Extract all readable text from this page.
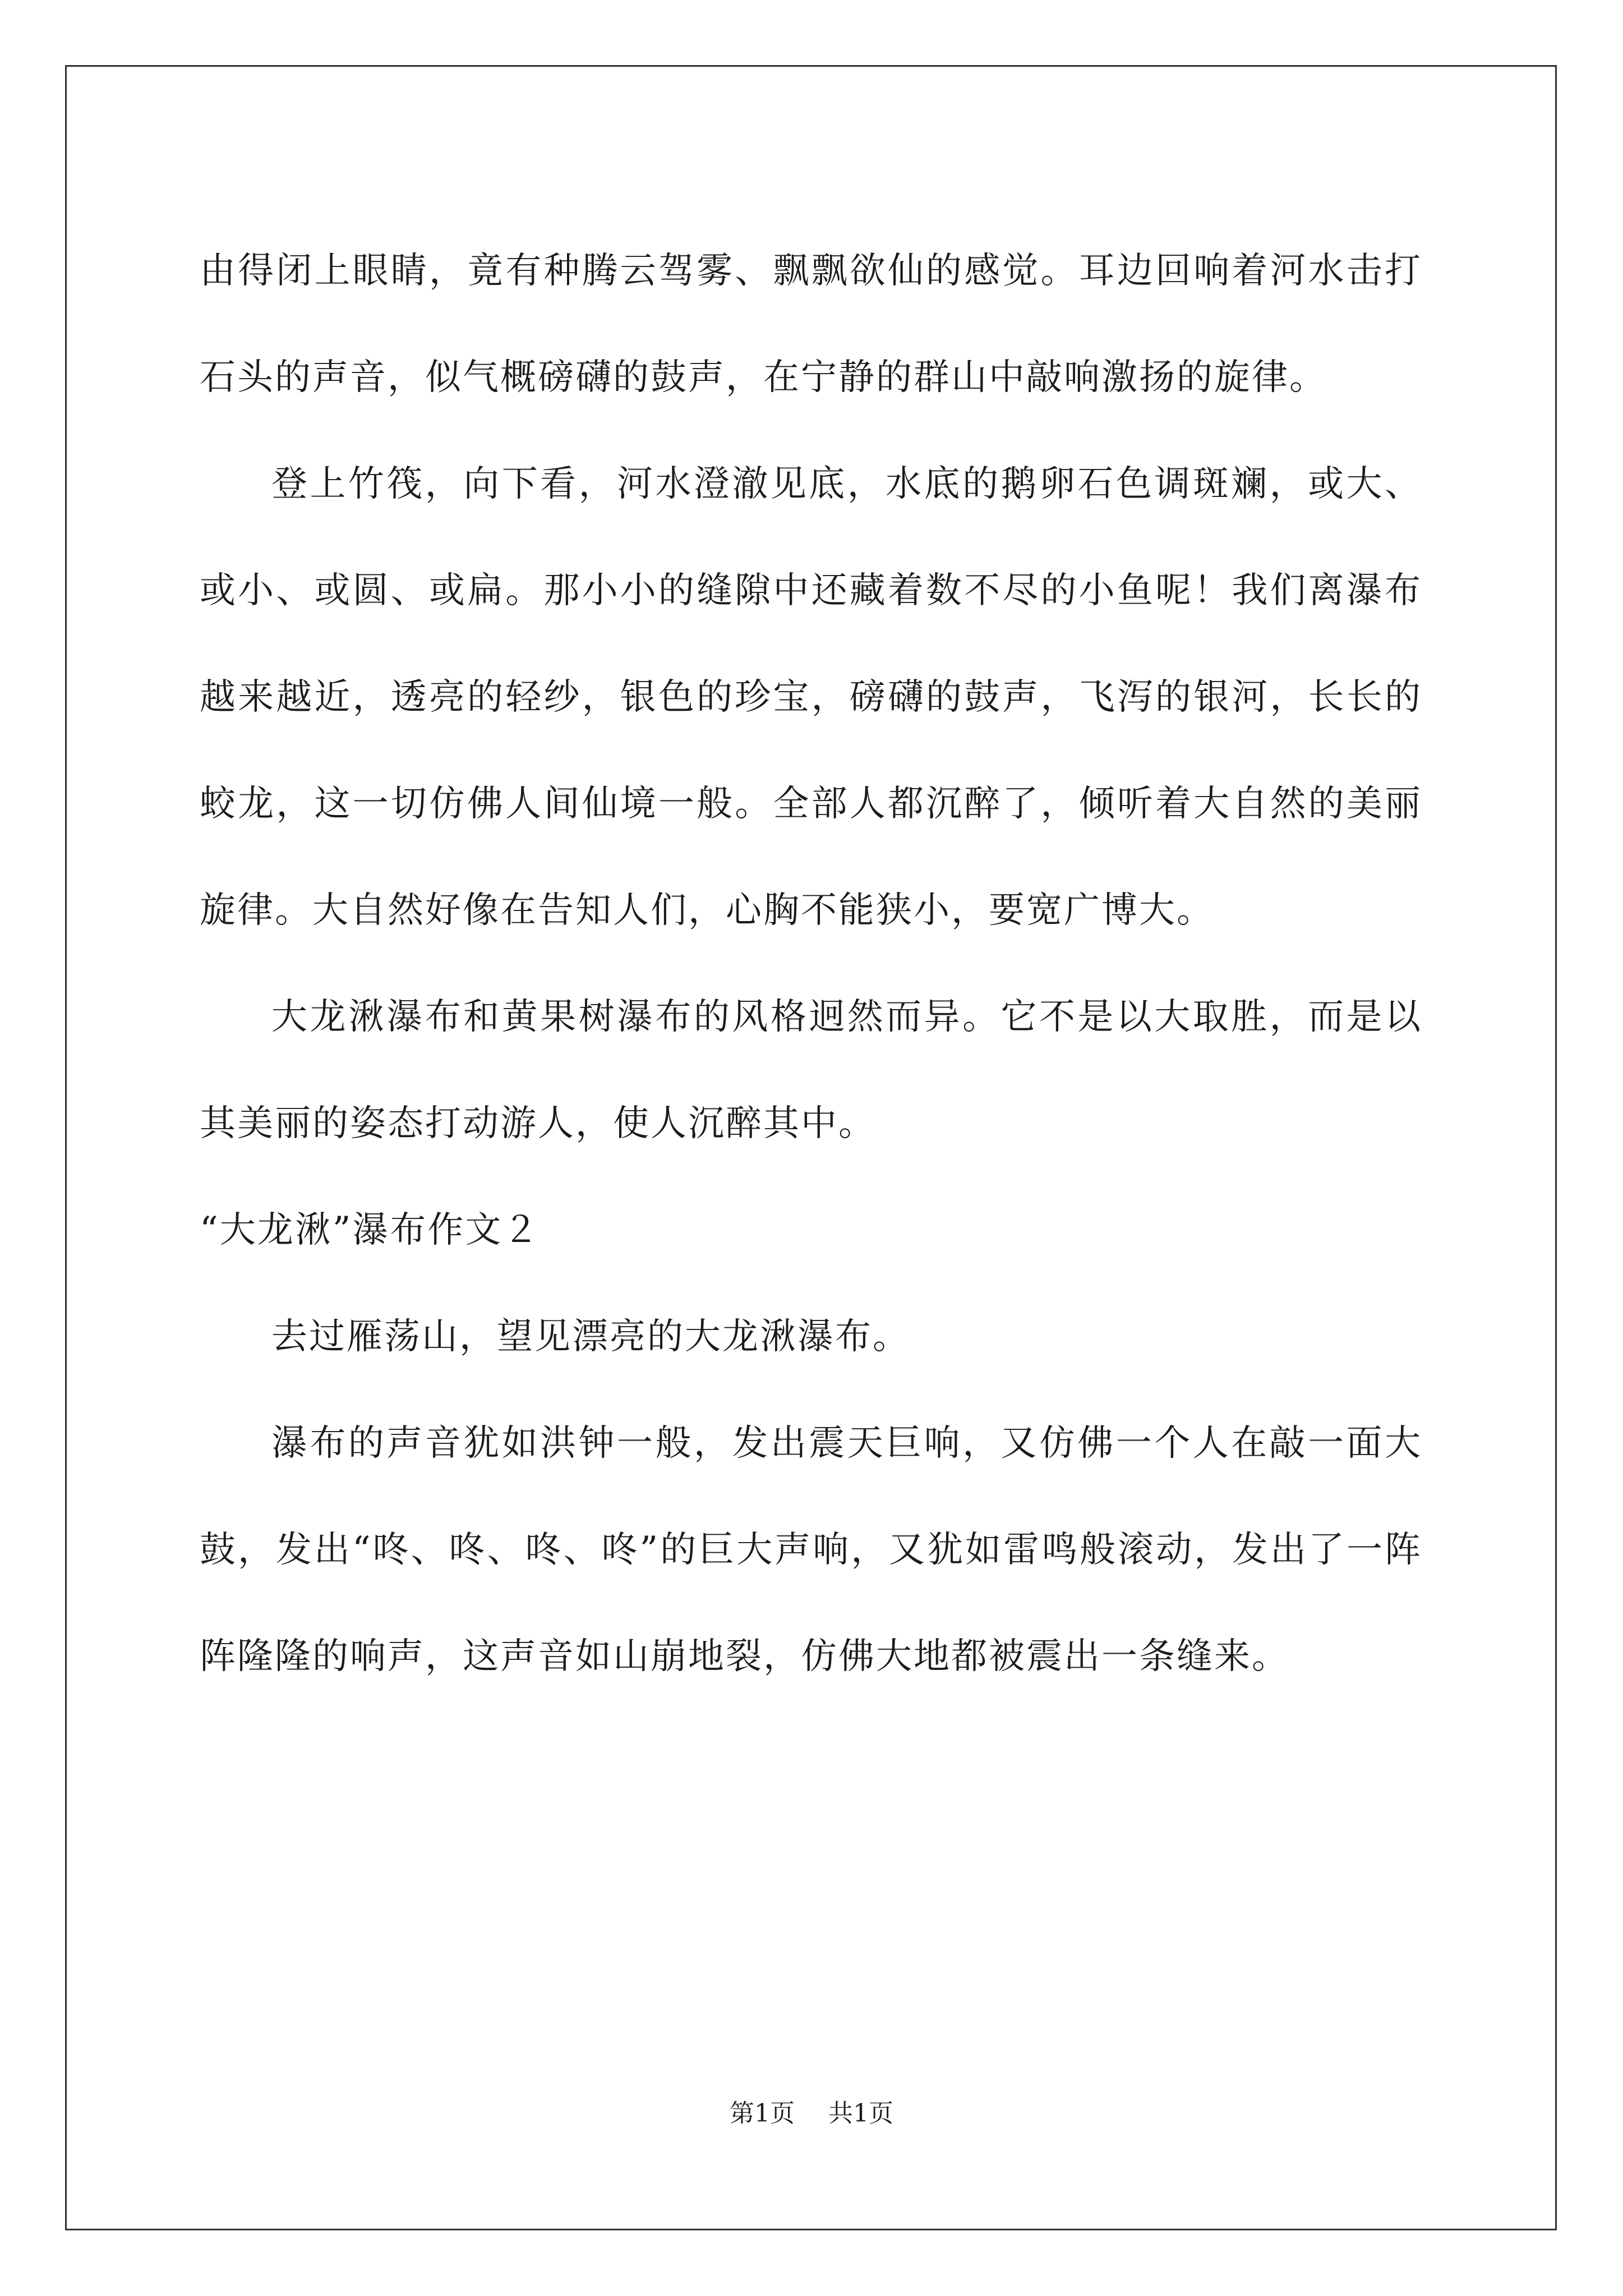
由得闭上眼睛，竟有种腾云驾雾、飘飘欲仙的感觉。耳边回响着河水击打石头的声音，似气概磅礴的鼓声，在宁静的群山中敲响激扬的旋律。

登上竹筏，向下看，河水澄澈见底，水底的鹅卵石色调斑斓，或大、或小、或圆、或扁。那小小的缝隙中还藏着数不尽的小鱼呢！我们离瀑布越来越近，透亮的轻纱，银色的珍宝，磅礴的鼓声，飞泻的银河，长长的蛟龙，这一切仿佛人间仙境一般。全部人都沉醉了，倾听着大自然的美丽旋律。大自然好像在告知人们，心胸不能狭小，要宽广博大。

大龙湫瀑布和黄果树瀑布的风格迥然而异。它不是以大取胜，而是以其美丽的姿态打动游人，使人沉醉其中。

“大龙湫”瀑布作文２

去过雁荡山，望见漂亮的大龙湫瀑布。

瀑布的声音犹如洪钟一般，发出震天巨响，又仿佛一个人在敲一面大鼓，发出“咚、咚、咚、咚”的巨大声响，又犹如雷鸣般滚动，发出了一阵阵隆隆的响声，这声音如山崩地裂，仿佛大地都被震出一条缝来。

第1页 共1页
